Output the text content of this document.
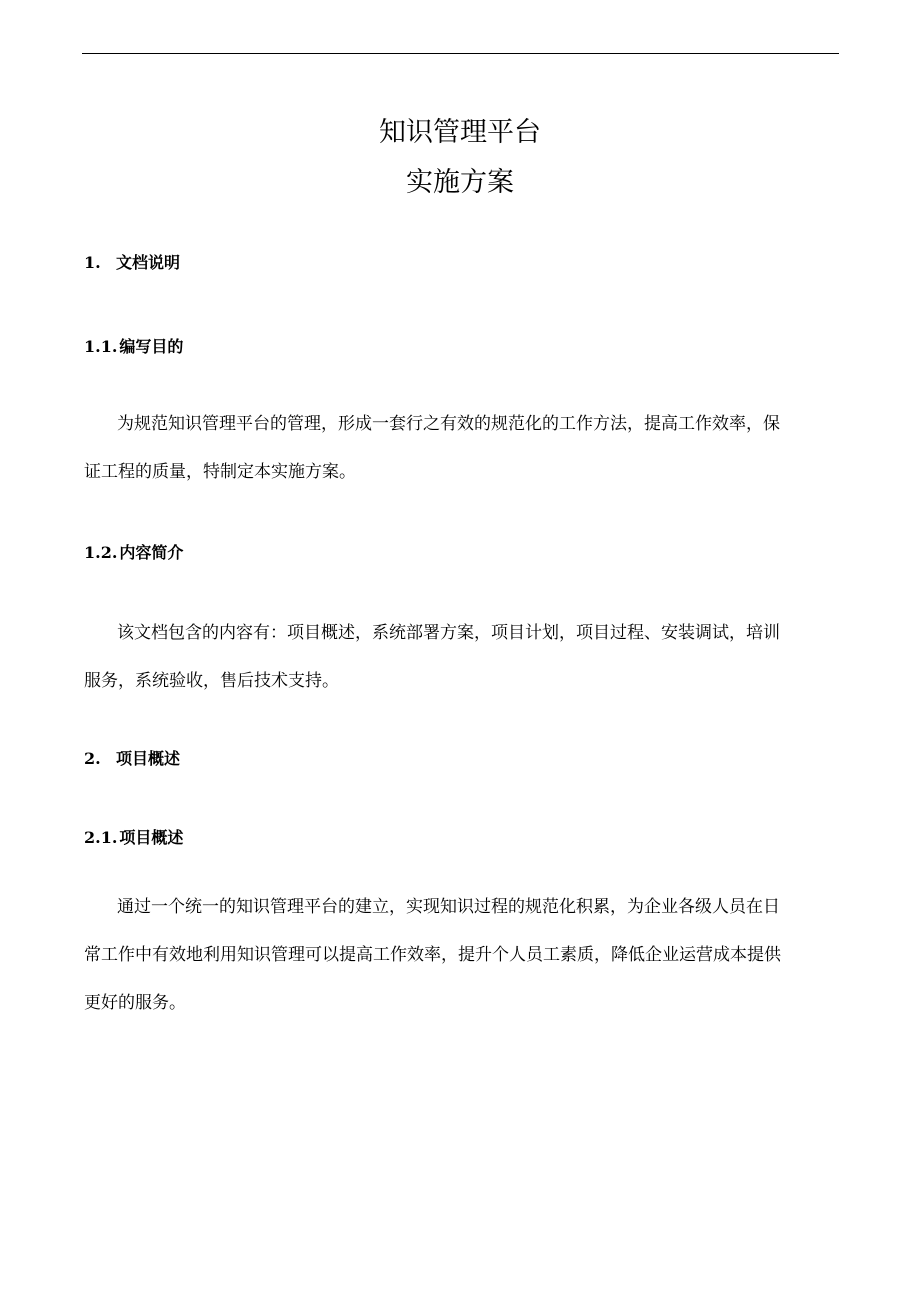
知识管理平台
实施方案
1. 文档说明
1.1. 编写目的
为规范知识管理平台的管理，形成一套行之有效的规范化的工作方法，提高工作效率，保
证工程的质量，特制定本实施方案。
1.2. 内容简介
该文档包含的内容有：项目概述，系统部署方案，项目计划，项目过程、安装调试，培训
服务，系统验收，售后技术支持。
2. 项目概述
2.1. 项目概述
通过一个统一的知识管理平台的建立，实现知识过程的规范化积累，为企业各级人员在日
常工作中有效地利用知识管理可以提高工作效率，提升个人员工素质，降低企业运营成本提供
更好的服务。
